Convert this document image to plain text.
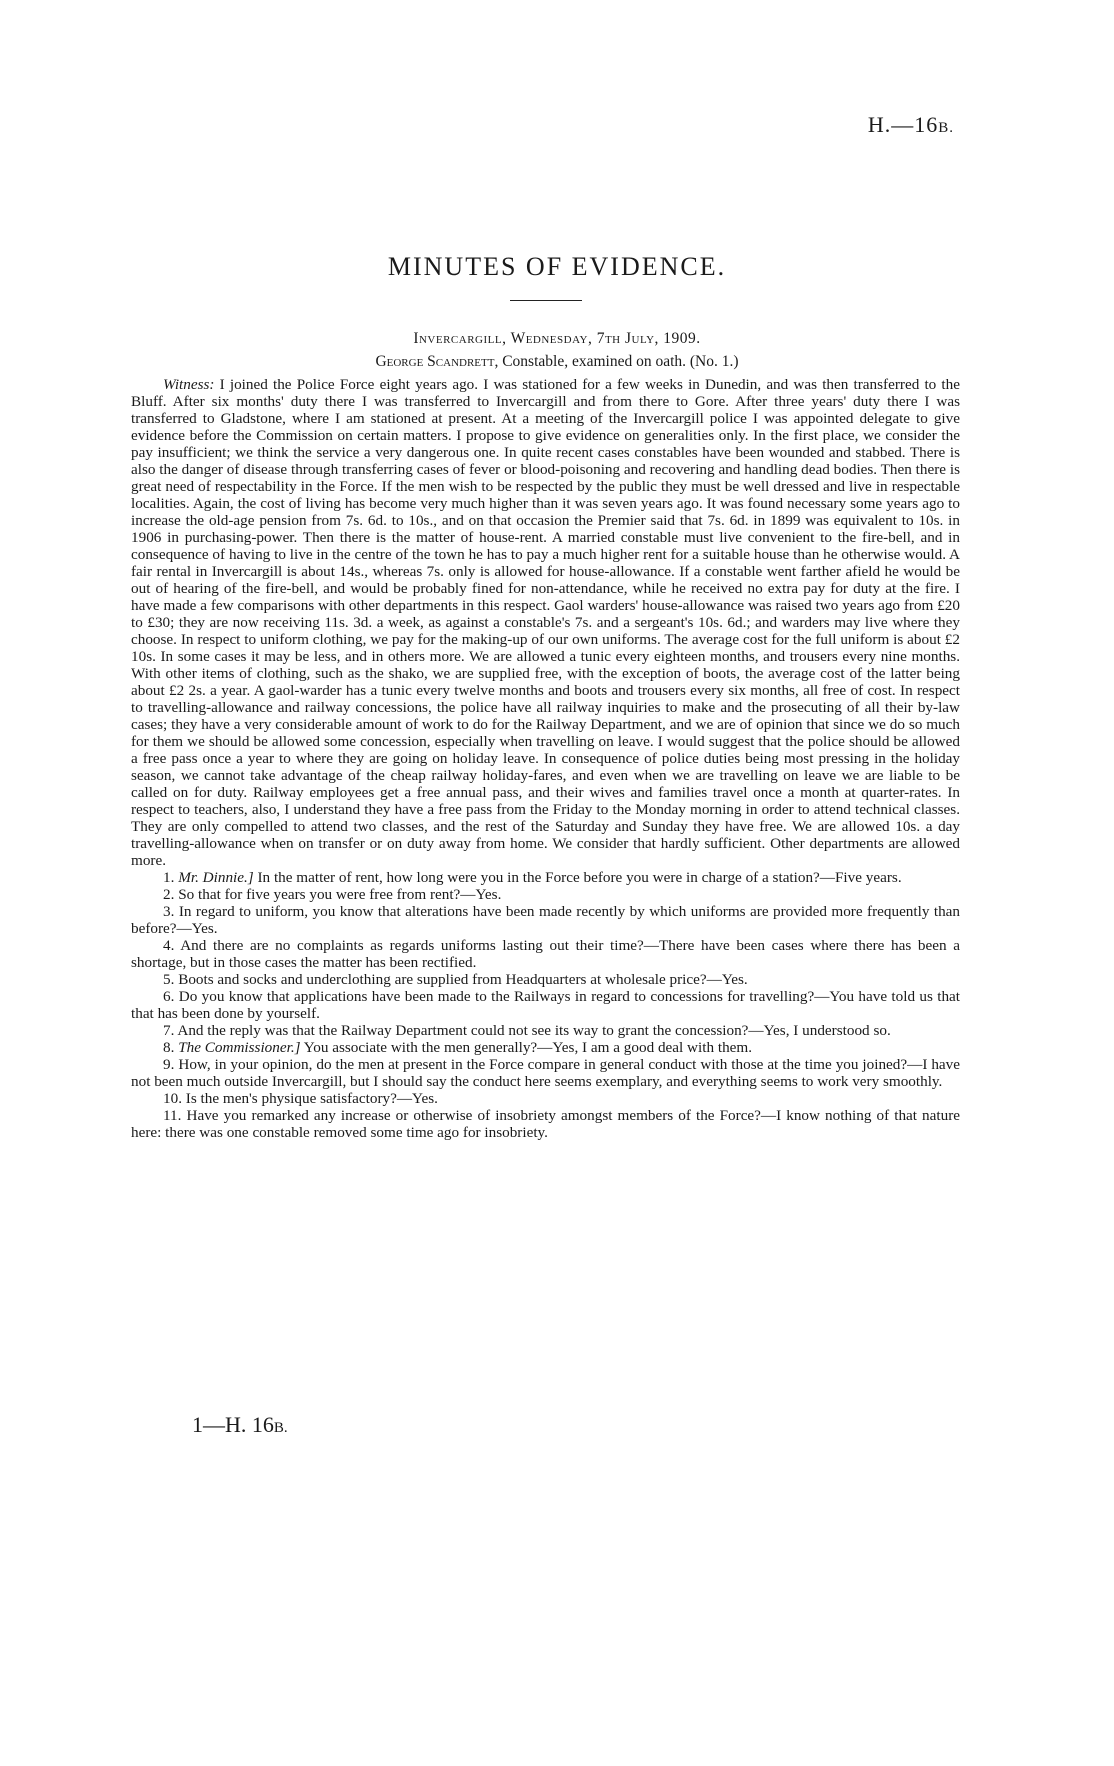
H.—16B.
MINUTES OF EVIDENCE.
Invercargill, Wednesday, 7th July, 1909.
George Scandrett, Constable, examined on oath. (No. 1.)

Witness: I joined the Police Force eight years ago. I was stationed for a few weeks in Dunedin, and was then transferred to the Bluff. After six months' duty there I was transferred to Invercargill and from there to Gore. After three years' duty there I was transferred to Gladstone, where I am stationed at present. At a meeting of the Invercargill police I was appointed delegate to give evidence before the Commission on certain matters. I propose to give evidence on generalities only. In the first place, we consider the pay insufficient; we think the service a very dangerous one. In quite recent cases constables have been wounded and stabbed. There is also the danger of disease through transferring cases of fever or blood-poisoning and recovering and handling dead bodies. Then there is great need of respectability in the Force. If the men wish to be respected by the public they must be well dressed and live in respectable localities. Again, the cost of living has become very much higher than it was seven years ago. It was found necessary some years ago to increase the old-age pension from 7s. 6d. to 10s., and on that occasion the Premier said that 7s. 6d. in 1899 was equivalent to 10s. in 1906 in purchasing-power. Then there is the matter of house-rent. A married constable must live convenient to the fire-bell, and in consequence of having to live in the centre of the town he has to pay a much higher rent for a suitable house than he otherwise would. A fair rental in Invercargill is about 14s., whereas 7s. only is allowed for house-allowance. If a constable went farther afield he would be out of hearing of the fire-bell, and would be probably fined for non-attendance, while he received no extra pay for duty at the fire. I have made a few comparisons with other departments in this respect. Gaol warders' house-allowance was raised two years ago from £20 to £30; they are now receiving 11s. 3d. a week, as against a constable's 7s. and a sergeant's 10s. 6d.; and warders may live where they choose. In respect to uniform clothing, we pay for the making-up of our own uniforms. The average cost for the full uniform is about £2 10s. In some cases it may be less, and in others more. We are allowed a tunic every eighteen months, and trousers every nine months. With other items of clothing, such as the shako, we are supplied free, with the exception of boots, the average cost of the latter being about £2 2s. a year. A gaol-warder has a tunic every twelve months and boots and trousers every six months, all free of cost. In respect to travelling-allowance and railway concessions, the police have all railway inquiries to make and the prosecuting of all their by-law cases; they have a very considerable amount of work to do for the Railway Department, and we are of opinion that since we do so much for them we should be allowed some concession, especially when travelling on leave. I would suggest that the police should be allowed a free pass once a year to where they are going on holiday leave. In consequence of police duties being most pressing in the holiday season, we cannot take advantage of the cheap railway holiday-fares, and even when we are travelling on leave we are liable to be called on for duty. Railway employees get a free annual pass, and their wives and families travel once a month at quarter-rates. In respect to teachers, also, I understand they have a free pass from the Friday to the Monday morning in order to attend technical classes. They are only compelled to attend two classes, and the rest of the Saturday and Sunday they have free. We are allowed 10s. a day travelling-allowance when on transfer or on duty away from home. We consider that hardly sufficient. Other departments are allowed more.

1. Mr. Dinnie.] In the matter of rent, how long were you in the Force before you were in charge of a station?—Five years.

2. So that for five years you were free from rent?—Yes.

3. In regard to uniform, you know that alterations have been made recently by which uniforms are provided more frequently than before?—Yes.

4. And there are no complaints as regards uniforms lasting out their time?—There have been cases where there has been a shortage, but in those cases the matter has been rectified.

5. Boots and socks and underclothing are supplied from Headquarters at wholesale price?—Yes.

6. Do you know that applications have been made to the Railways in regard to concessions for travelling?—You have told us that that has been done by yourself.

7. And the reply was that the Railway Department could not see its way to grant the concession?—Yes, I understood so.

8. The Commissioner.] You associate with the men generally?—Yes, I am a good deal with them.

9. How, in your opinion, do the men at present in the Force compare in general conduct with those at the time you joined?—I have not been much outside Invercargill, but I should say the conduct here seems exemplary, and everything seems to work very smoothly.

10. Is the men's physique satisfactory?—Yes.

11. Have you remarked any increase or otherwise of insobriety amongst members of the Force?—I know nothing of that nature here: there was one constable removed some time ago for insobriety.

1—H. 16B.
